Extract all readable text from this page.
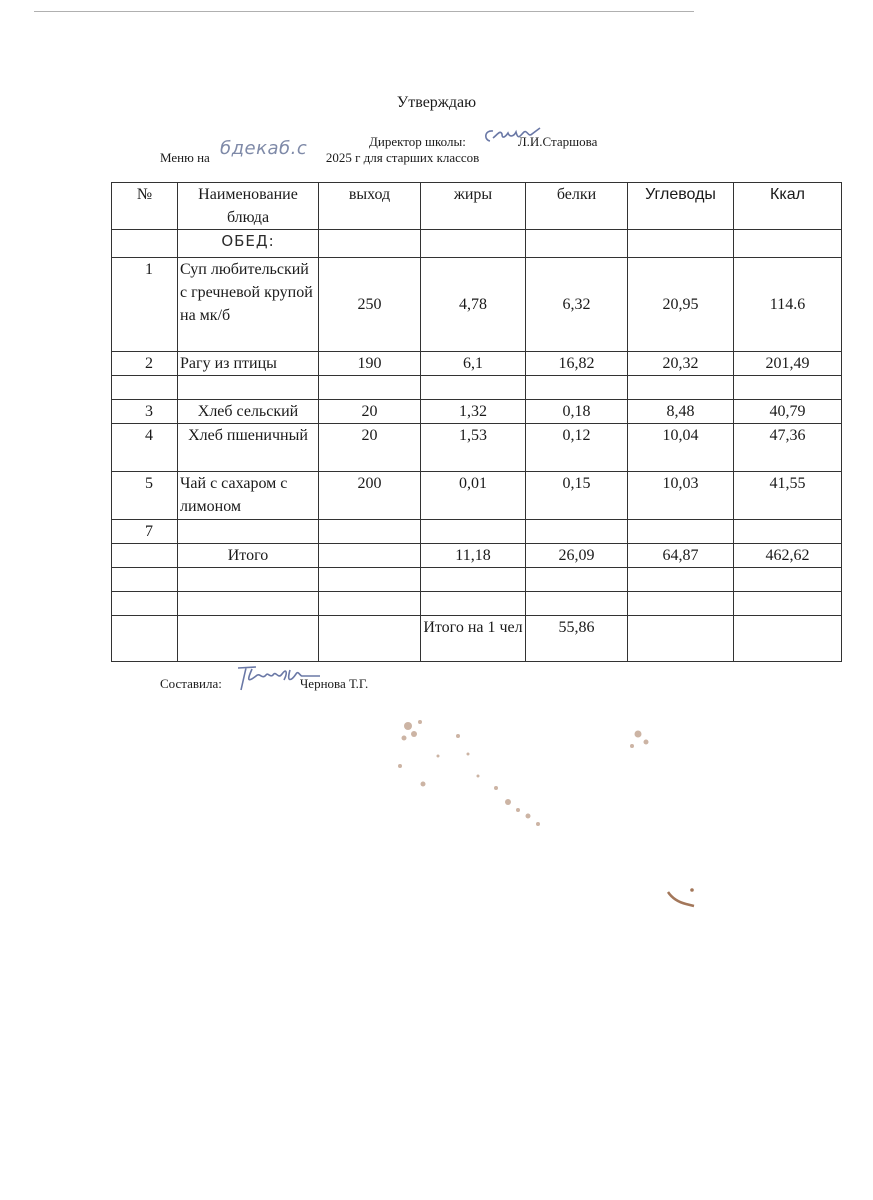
Утверждаю
Директор школы:	Л.И.Старшова
Меню на	2025 г для старших классов
бдекаб.с
№	Наименование блюда	выход	жиры	белки	Углеводы	Ккал
	ОБЕД:					
1	Суп любительский с гречневой крупой на мк/б	250	4,78	6,32	20,95	114.6
2	Рагу из птицы	190	6,1	16,82	20,32	201,49

3	Хлеб сельский	20	1,32	0,18	8,48	40,79
4	Хлеб пшеничный	20	1,53	0,12	10,04	47,36
5	Чай с сахаром с лимоном	200	0,01	0,15	10,03	41,55
7						
	Итого		11,18	26,09	64,87	462,62

			Итого на 1 чел	55,86		
Составила:	Чернова Т.Г.
